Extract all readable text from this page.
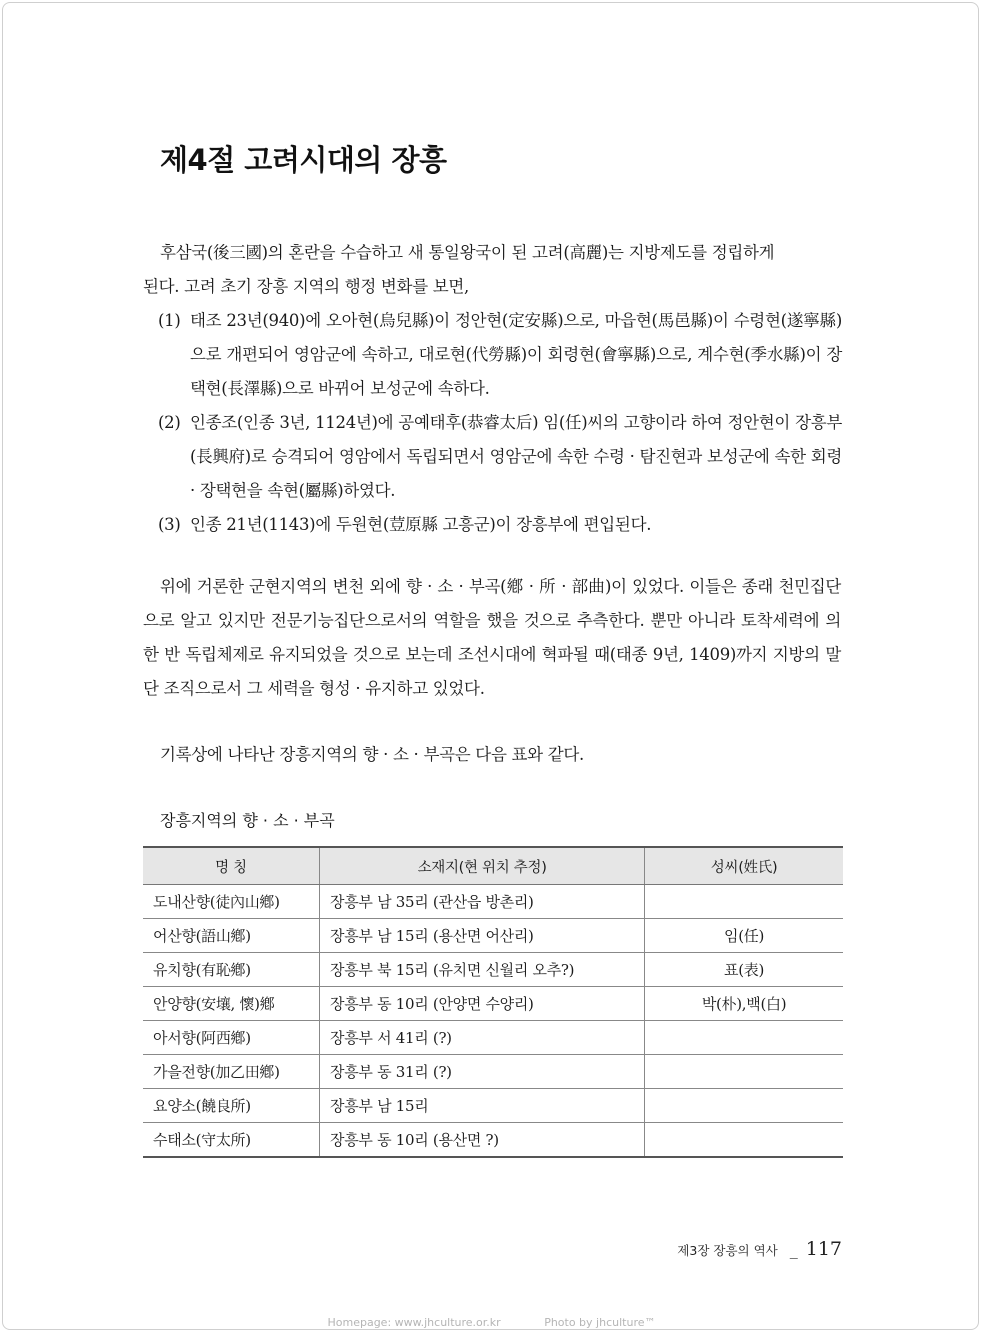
제4절 고려시대의 장흥
후삼국(後三國)의 혼란을 수습하고 새 통일왕국이 된 고려(高麗)는 지방제도를 정립하게
된다. 고려 초기 장흥 지역의 행정 변화를 보면,
(1) 태조 23년(940)에 오아현(烏兒縣)이 정안현(定安縣)으로, 마읍현(馬邑縣)이 수령현(遂寧縣)으로 개편되어 영암군에 속하고, 대로현(代勞縣)이 회령현(會寧縣)으로, 계수현(季水縣)이 장택현(長澤縣)으로 바뀌어 보성군에 속하다.
(2) 인종조(인종 3년, 1124년)에 공예태후(恭睿太后) 임(任)씨의 고향이라 하여 정안현이 장흥부(長興府)로 승격되어 영암에서 독립되면서 영암군에 속한 수령 · 탐진현과 보성군에 속한 회령 · 장택현을 속현(屬縣)하였다.
(3) 인종 21년(1143)에 두원현(荳原縣 고흥군)이 장흥부에 편입된다.

위에 거론한 군현지역의 변천 외에 향 · 소 · 부곡(鄕 · 所 · 部曲)이 있었다. 이들은 종래 천민집단으로 알고 있지만 전문기능집단으로서의 역할을 했을 것으로 추측한다. 뿐만 아니라 토착세력에 의한 반 독립체제로 유지되었을 것으로 보는데 조선시대에 혁파될 때(태종 9년, 1409)까지 지방의 말단 조직으로서 그 세력을 형성 · 유지하고 있었다.

기록상에 나타난 장흥지역의 향 · 소 · 부곡은 다음 표와 같다.

장흥지역의 향 · 소 · 부곡
명 칭	소재지(현 위치 추정)	성씨(姓氏)
도내산향(徒內山鄕)	장흥부 남 35리 (관산읍 방촌리)	
어산향(語山鄕)	장흥부 남 15리 (용산면 어산리)	임(任)
유치향(有恥鄕)	장흥부 북 15리 (유치면 신월리 오추?)	표(表)
안양향(安壤, 懷)鄕	장흥부 동 10리 (안양면 수양리)	박(朴),백(白)
아서향(阿西鄕)	장흥부 서 41리 (?)	
가을전향(加乙田鄕)	장흥부 동 31리 (?)	
요양소(饒良所)	장흥부 남 15리	
수태소(守太所)	장흥부 동 10리 (용산면 ?)	
제3장 장흥의 역사 _ 117
Homepage: www.jhculture.or.kr	Photo by jhculture™
